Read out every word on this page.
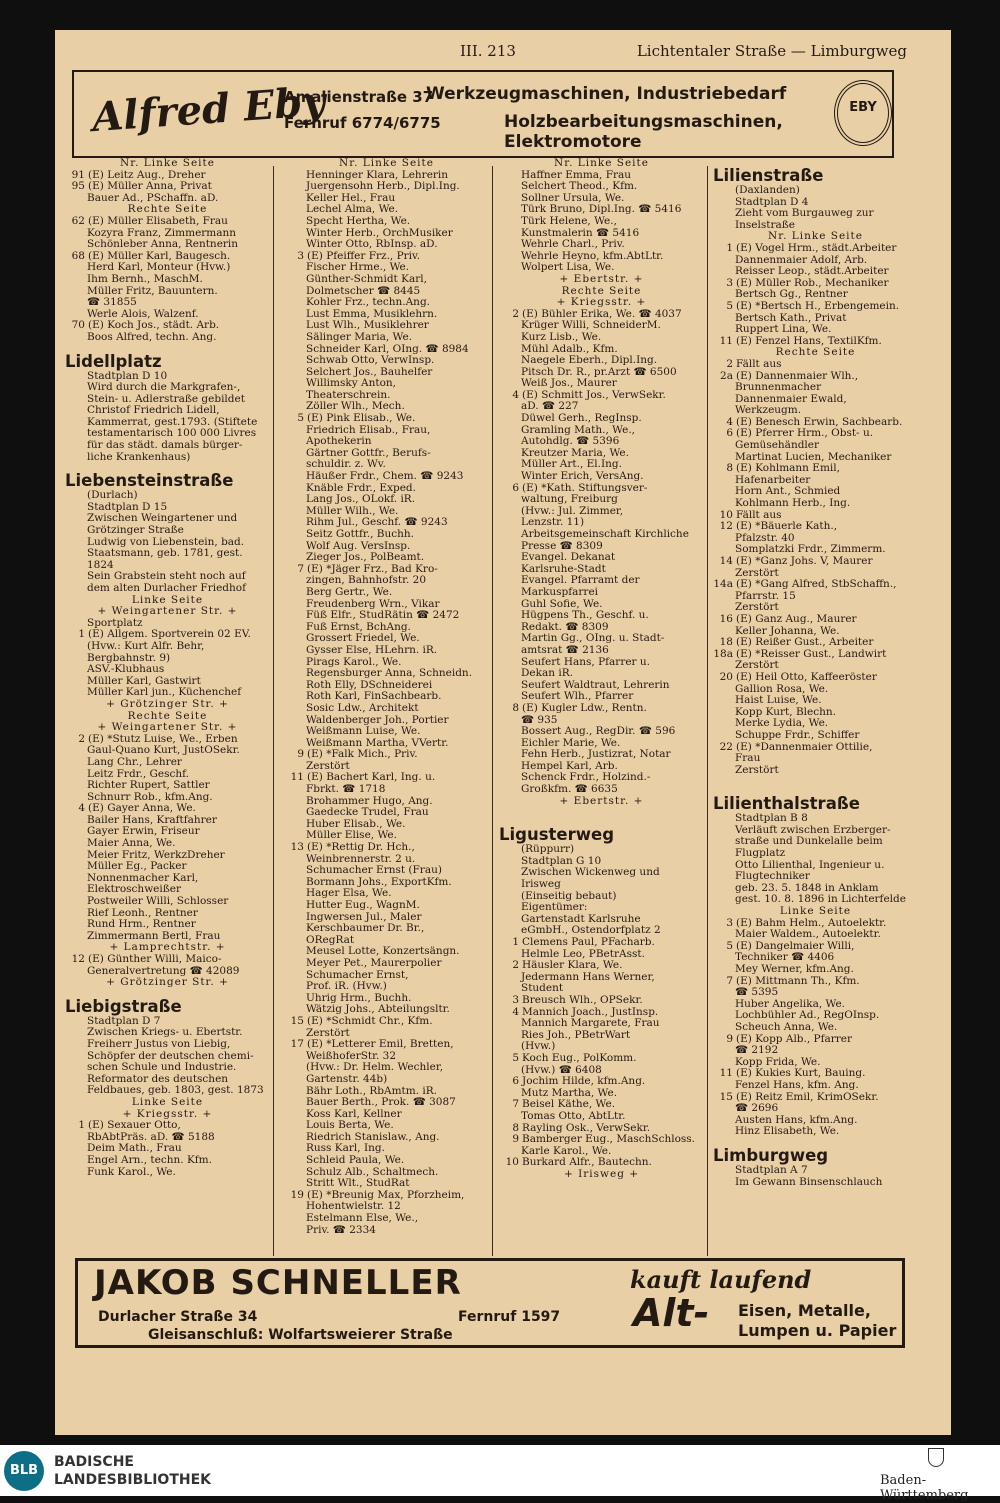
III. 213	Lichtentaler Straße — Limburgweg
Alfred Eby
Amalienstraße 37
Fernruf 6774/6775
Werkzeugmaschinen, Industriebedarf
Holzbearbeitungsmaschinen, Elektromotore
EBY
Nr. Linke Seite
91 (E) Leitz Aug., Dreher
95 (E) Müller Anna, Privat
Bauer Ad., PSchaffn. aD.
Rechte Seite
62 (E) Müller Elisabeth, Frau
Kozyra Franz, Zimmermann
Schönleber Anna, Rentnerin
68 (E) Müller Karl, Baugesch.
Herd Karl, Monteur (Hvw.)
Ihm Bernh., MaschM.
Müller Fritz, Bauuntern.
☎ 31855
Werle Alois, Walzenf.
70 (E) Koch Jos., städt. Arb.
Boos Alfred, techn. Ang.
Lidellplatz
Stadtplan D 10
Wird durch die Markgrafen-,
Stein- u. Adlerstraße gebildet
Christof Friedrich Lidell,
Kammerrat, gest.1793. (Stiftete
testamentarisch 100 000 Livres
für das städt. damals bürger-
liche Krankenhaus)
Liebensteinstraße
(Durlach)
Stadtplan D 15
Zwischen Weingartener und
Grötzinger Straße
Ludwig von Liebenstein, bad.
Staatsmann, geb. 1781, gest.
1824
Sein Grabstein steht noch auf
dem alten Durlacher Friedhof
Linke Seite
+ Weingartener Str. +
Sportplatz
1 (E) Allgem. Sportverein 02 EV.
(Hvw.: Kurt Alfr. Behr,
Bergbahnstr. 9)
ASV.-Klubhaus
Müller Karl, Gastwirt
Müller Karl jun., Küchenchef
+ Grötzinger Str. +
Rechte Seite
+ Weingartener Str. +
2 (E) *Stutz Luise, We., Erben
Gaul-Quano Kurt, JustOSekr.
Lang Chr., Lehrer
Leitz Frdr., Geschf.
Richter Rupert, Sattler
Schnurr Rob., kfm.Ang.
4 (E) Gayer Anna, We.
Bailer Hans, Kraftfahrer
Gayer Erwin, Friseur
Maier Anna, We.
Meier Fritz, WerkzDreher
Müller Eg., Packer
Nonnenmacher Karl,
Elektroschweißer
Postweiler Willi, Schlosser
Rief Leonh., Rentner
Rund Hrm., Rentner
Zimmermann Bertl, Frau
+ Lamprechtstr. +
12 (E) Günther Willi, Maico-
Generalvertretung ☎ 42089
+ Grötzinger Str. +
Liebigstraße
Stadtplan D 7
Zwischen Kriegs- u. Ebertstr.
Freiherr Justus von Liebig,
Schöpfer der deutschen chemi-
schen Schule und Industrie.
Reformator des deutschen
Feldbaues, geb. 1803, gest. 1873
Linke Seite
+ Kriegsstr. +
1 (E) Sexauer Otto,
RbAbtPräs. aD. ☎ 5188
Deim Math., Frau
Engel Arn., techn. Kfm.
Funk Karol., We.
Nr. Linke Seite
Henninger Klara, Lehrerin
Juergensohn Herb., Dipl.Ing.
Keller Hel., Frau
Lechel Alma, We.
Specht Hertha, We.
Winter Herb., OrchMusiker
Winter Otto, RbInsp. aD.
3 (E) Pfeiffer Frz., Priv.
Fischer Hrme., We.
Günther-Schmidt Karl,
Dolmetscher ☎ 8445
Kohler Frz., techn.Ang.
Lust Emma, Musiklehrn.
Lust Wlh., Musiklehrer
Sälinger Maria, We.
Schneider Karl, OIng. ☎ 8984
Schwab Otto, VerwInsp.
Selchert Jos., Bauhelfer
Willimsky Anton,
Theaterschrein.
Zöller Wlh., Mech.
5 (E) Pink Elisab., We.
Friedrich Elisab., Frau,
Apothekerin
Gärtner Gottfr., Berufs-
schuldir. z. Wv.
Häußer Frdr., Chem. ☎ 9243
Knäble Frdr., Exped.
Lang Jos., OLokf. iR.
Müller Wilh., We.
Rihm Jul., Geschf. ☎ 9243
Seitz Gottfr., Buchh.
Wolf Aug. VersInsp.
Zieger Jos., PolBeamt.
7 (E) *Jäger Frz., Bad Kro-
zingen, Bahnhofstr. 20
Berg Gertr., We.
Freudenberg Wrn., Vikar
Füß Elfr., StudRätin ☎ 2472
Fuß Ernst, BchAng.
Grossert Friedel, We.
Gysser Else, HLehrn. iR.
Pirags Karol., We.
Regensburger Anna, Schneidn.
Roth Elly, DSchneiderei
Roth Karl, FinSachbearb.
Sosic Ldw., Architekt
Waldenberger Joh., Portier
Weißmann Luise, We.
Weißmann Martha, VVertr.
9 (E) *Falk Mich., Priv.
Zerstört
11 (E) Bachert Karl, Ing. u.
Fbrkt. ☎ 1718
Brohammer Hugo, Ang.
Gaedecke Trudel, Frau
Huber Elisab., We.
Müller Elise, We.
13 (E) *Rettig Dr. Hch.,
Weinbrennerstr. 2 u.
Schumacher Ernst (Frau)
Bormann Johs., ExportKfm.
Hager Elsa, We.
Hutter Eug., WagnM.
Ingwersen Jul., Maler
Kerschbaumer Dr. Br.,
ORegRat
Meusel Lotte, Konzertsängn.
Meyer Pet., Maurerpolier
Schumacher Ernst,
Prof. iR. (Hvw.)
Uhrig Hrm., Buchh.
Wätzig Johs., Abteilungsltr.
15 (E) *Schmidt Chr., Kfm.
Zerstört
17 (E) *Letterer Emil, Bretten,
WeißhoferStr. 32
(Hvw.: Dr. Helm. Wechler,
Gartenstr. 44b)
Bähr Loth., RbAmtm. iR.
Bauer Berth., Prok. ☎ 3087
Koss Karl, Kellner
Louis Berta, We.
Riedrich Stanislaw., Ang.
Russ Karl, Ing.
Schleid Paula, We.
Schulz Alb., Schaltmech.
Stritt Wlt., StudRat
19 (E) *Breunig Max, Pforzheim,
Hohentwielstr. 12
Estelmann Else, We.,
Priv. ☎ 2334
Nr. Linke Seite
Haffner Emma, Frau
Selchert Theod., Kfm.
Sollner Ursula, We.
Türk Bruno, Dipl.Ing. ☎ 5416
Türk Helene, We.,
Kunstmalerin ☎ 5416
Wehrle Charl., Priv.
Wehrle Heyno, kfm.AbtLtr.
Wolpert Lisa, We.
+ Ebertstr. +
Rechte Seite
+ Kriegsstr. +
2 (E) Bühler Erika, We. ☎ 4037
Krüger Willi, SchneiderM.
Kurz Lisb., We.
Mühl Adalb., Kfm.
Naegele Eberh., Dipl.Ing.
Pitsch Dr. R., pr.Arzt ☎ 6500
Weiß Jos., Maurer
4 (E) Schmitt Jos., VerwSekr.
aD. ☎ 227
Düwel Gerh., RegInsp.
Gramling Math., We.,
Autohdlg. ☎ 5396
Kreutzer Maria, We.
Müller Art., El.Ing.
Winter Erich, VersAng.
6 (E) *Kath. Stiftungsver-
waltung, Freiburg
(Hvw.: Jul. Zimmer,
Lenzstr. 11)
Arbeitsgemeinschaft Kirchliche
Presse ☎ 8309
Evangel. Dekanat
Karlsruhe-Stadt
Evangel. Pfarramt der
Markuspfarrei
Guhl Sofie, We.
Hügpens Th., Geschf. u.
Redakt. ☎ 8309
Martin Gg., OIng. u. Stadt-
amtsrat ☎ 2136
Seufert Hans, Pfarrer u.
Dekan iR.
Seufert Waldtraut, Lehrerin
Seufert Wlh., Pfarrer
8 (E) Kugler Ldw., Rentn.
☎ 935
Bossert Aug., RegDir. ☎ 596
Eichler Marie, We.
Fehn Herb., Justizrat, Notar
Hempel Karl, Arb.
Schenck Frdr., Holzind.-
Großkfm. ☎ 6635
+ Ebertstr. +
Ligusterweg
(Rüppurr)
Stadtplan G 10
Zwischen Wickenweg und
Irisweg
(Einseitig bebaut)
Eigentümer:
Gartenstadt Karlsruhe
eGmbH., Ostendorfplatz 2
1 Clemens Paul, PFacharb.
Helmle Leo, PBetrAsst.
2 Häusler Klara, We.
Jedermann Hans Werner,
Student
3 Breusch Wlh., OPSekr.
4 Mannich Joach., JustInsp.
Mannich Margarete, Frau
Ries Joh., PBetrWart
(Hvw.)
5 Koch Eug., PolKomm.
(Hvw.) ☎ 6408
6 Jochim Hilde, kfm.Ang.
Mutz Martha, We.
7 Beisel Käthe, We.
Tomas Otto, AbtLtr.
8 Rayling Osk., VerwSekr.
9 Bamberger Eug., MaschSchloss.
Karle Karol., We.
10 Burkard Alfr., Bautechn.
+ Irisweg +
Lilienstraße
(Daxlanden)
Stadtplan D 4
Zieht vom Burgauweg zur
Inselstraße
Nr. Linke Seite
1 (E) Vogel Hrm., städt.Arbeiter
Dannenmaier Adolf, Arb.
Reisser Leop., städt.Arbeiter
3 (E) Müller Rob., Mechaniker
Bertsch Gg., Rentner
5 (E) *Bertsch H., Erbengemein.
Bertsch Kath., Privat
Ruppert Lina, We.
11 (E) Fenzel Hans, TextilKfm.
Rechte Seite
2 Fällt aus
2a (E) Dannenmaier Wlh.,
Brunnenmacher
Dannenmaier Ewald,
Werkzeugm.
4 (E) Benesch Erwin, Sachbearb.
6 (E) Pferrer Hrm., Obst- u.
Gemüsehändler
Martinat Lucien, Mechaniker
8 (E) Kohlmann Emil,
Hafenarbeiter
Horn Ant., Schmied
Kohlmann Herb., Ing.
10 Fällt aus
12 (E) *Bäuerle Kath.,
Pfalzstr. 40
Somplatzki Frdr., Zimmerm.
14 (E) *Ganz Johs. V, Maurer
Zerstört
14a (E) *Gang Alfred, StbSchaffn.,
Pfarrstr. 15
Zerstört
16 (E) Ganz Aug., Maurer
Keller Johanna, We.
18 (E) Reißer Gust., Arbeiter
18a (E) *Reisser Gust., Landwirt
Zerstört
20 (E) Heil Otto, Kaffeeröster
Gallion Rosa, We.
Haist Luise, We.
Kopp Kurt, Blechn.
Merke Lydia, We.
Schuppe Frdr., Schiffer
22 (E) *Dannenmaier Ottilie,
Frau
Zerstört
Lilienthalstraße
Stadtplan B 8
Verläuft zwischen Erzberger-
straße und Dunkelalle beim
Flugplatz
Otto Lilienthal, Ingenieur u.
Flugtechniker
geb. 23. 5. 1848 in Anklam
gest. 10. 8. 1896 in Lichterfelde
Linke Seite
3 (E) Bahm Helm., Autoelektr.
Maier Waldem., Autoelektr.
5 (E) Dangelmaier Willi,
Techniker ☎ 4406
Mey Werner, kfm.Ang.
7 (E) Mittmann Th., Kfm.
☎ 5395
Huber Angelika, We.
Lochbühler Ad., RegOInsp.
Scheuch Anna, We.
9 (E) Kopp Alb., Pfarrer
☎ 2192
Kopp Frida, We.
11 (E) Kukies Kurt, Bauing.
Fenzel Hans, kfm. Ang.
15 (E) Reitz Emil, KrimOSekr.
☎ 2696
Austen Hans, kfm.Ang.
Hinz Elisabeth, We.
Limburgweg
Stadtplan A 7
Im Gewann Binsenschlauch
JAKOB SCHNELLER
Durlacher Straße 34	Fernruf 1597
Gleisanschluß: Wolfartsweierer Straße
kauft laufend
Alt- Eisen, Metalle,
Lumpen u. Papier
BLB
BADISCHE
LANDESBIBLIOTHEK	Baden-Württemberg
